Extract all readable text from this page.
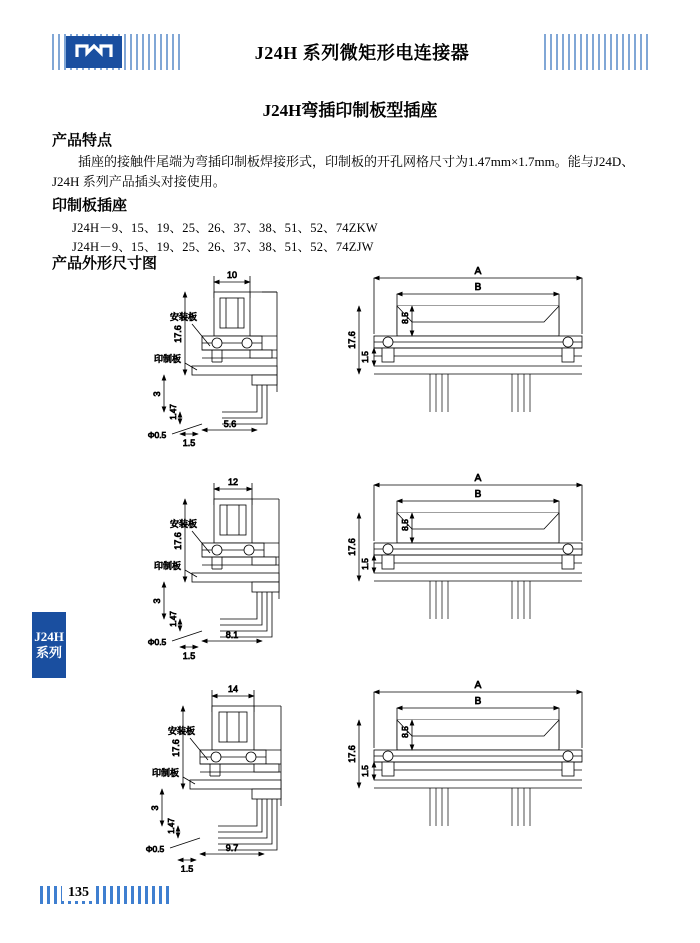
J24H 系列微矩形电连接器
J24H弯插印制板型插座
产品特点
插座的接触件尾端为弯插印制板焊接形式，印制板的开孔网格尺寸为1.47mm×1.7mm。能与J24D、J24H 系列产品插头对接使用。
印制板插座
J24H－9、15、19、25、26、37、38、51、52、74ZKW
J24H－9、15、19、25、26、37、38、51、52、74ZJW
产品外形尺寸图
10
安装板
印制板
17.6
3
1.47
Φ0.5
1.5
5.6
A
B
17.6
8.5
1.5
12
安装板
印制板
17.6
3
1.47
Φ0.5
1.5
8.1
A
B
17.6
8.5
1.5
14
安装板
印制板
17.6
3
1.47
Φ0.5
1.5
9.7
A
B
17.6
8.5
1.5
J24H系列
135
